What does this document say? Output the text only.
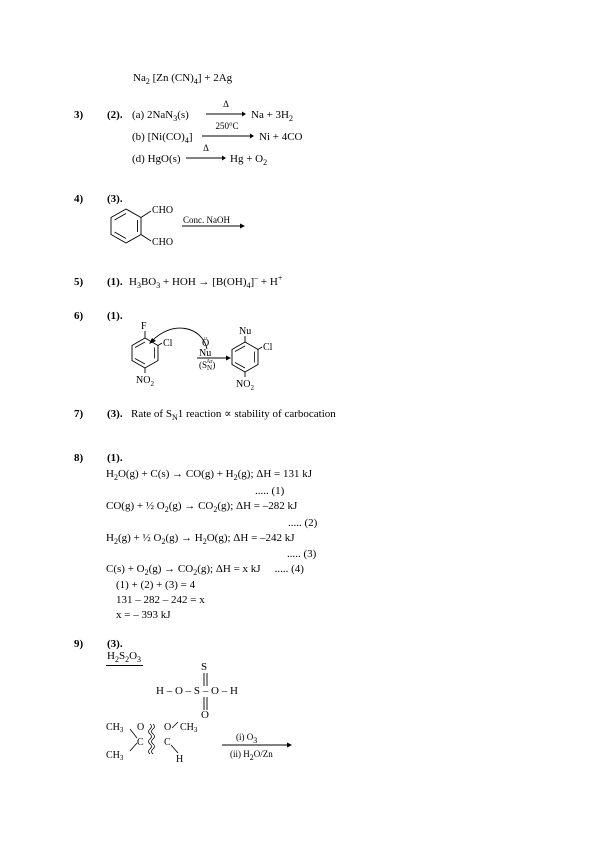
$Na_2$ [Zn $(CN)_4] + 2Ag$
3) (2). (a) 2NaN$_3$(s)
Δ
$Na + 3H_2$
(b) $[Ni(CO)_4]$
250°C
Ni + 4CO
(d) HgO(s)
Δ
$Hg + O_2$
4) (3).
CHO
CHO
Conc. NaOH
5) (1). $H_3BO_3$ + HOH → $[B(OH)_4]^- + H^+$
6) (1).
F
Cl
$NO_2$
Ö
Nu
$(S_NAr)$
Nu
Cl
$NO_2$
7) (3). Rate of $S_N1$ reaction ∝ stability of carbocation
8) (1).
$H_2O(g) + C(s) \to CO(g) + H_2(g)$; ΔH = 131 kJ
..... (1)
CO(g) + ½ $O_2(g) \to CO_2(g)$; ΔH = –282 kJ
..... (2)
$H_2(g)$ + ½ $O_2(g) \to H_2O(g)$; ΔH = –242 kJ
..... (3)
$C(s) + O_2(g) \to CO_2(g)$; ΔH = x kJ ..... (4)
(1) + (2) + (3) = 4
131 – 282 – 242 = x
x = – 393 kJ
9) (3).
$H_2S_2O_3$
S
H – O – S – O – H
O
$CH_3$ O
C
$CH_3$
C
O $CH_3$
H
(i) $O_3$
(ii) $H_2O/Zn$
